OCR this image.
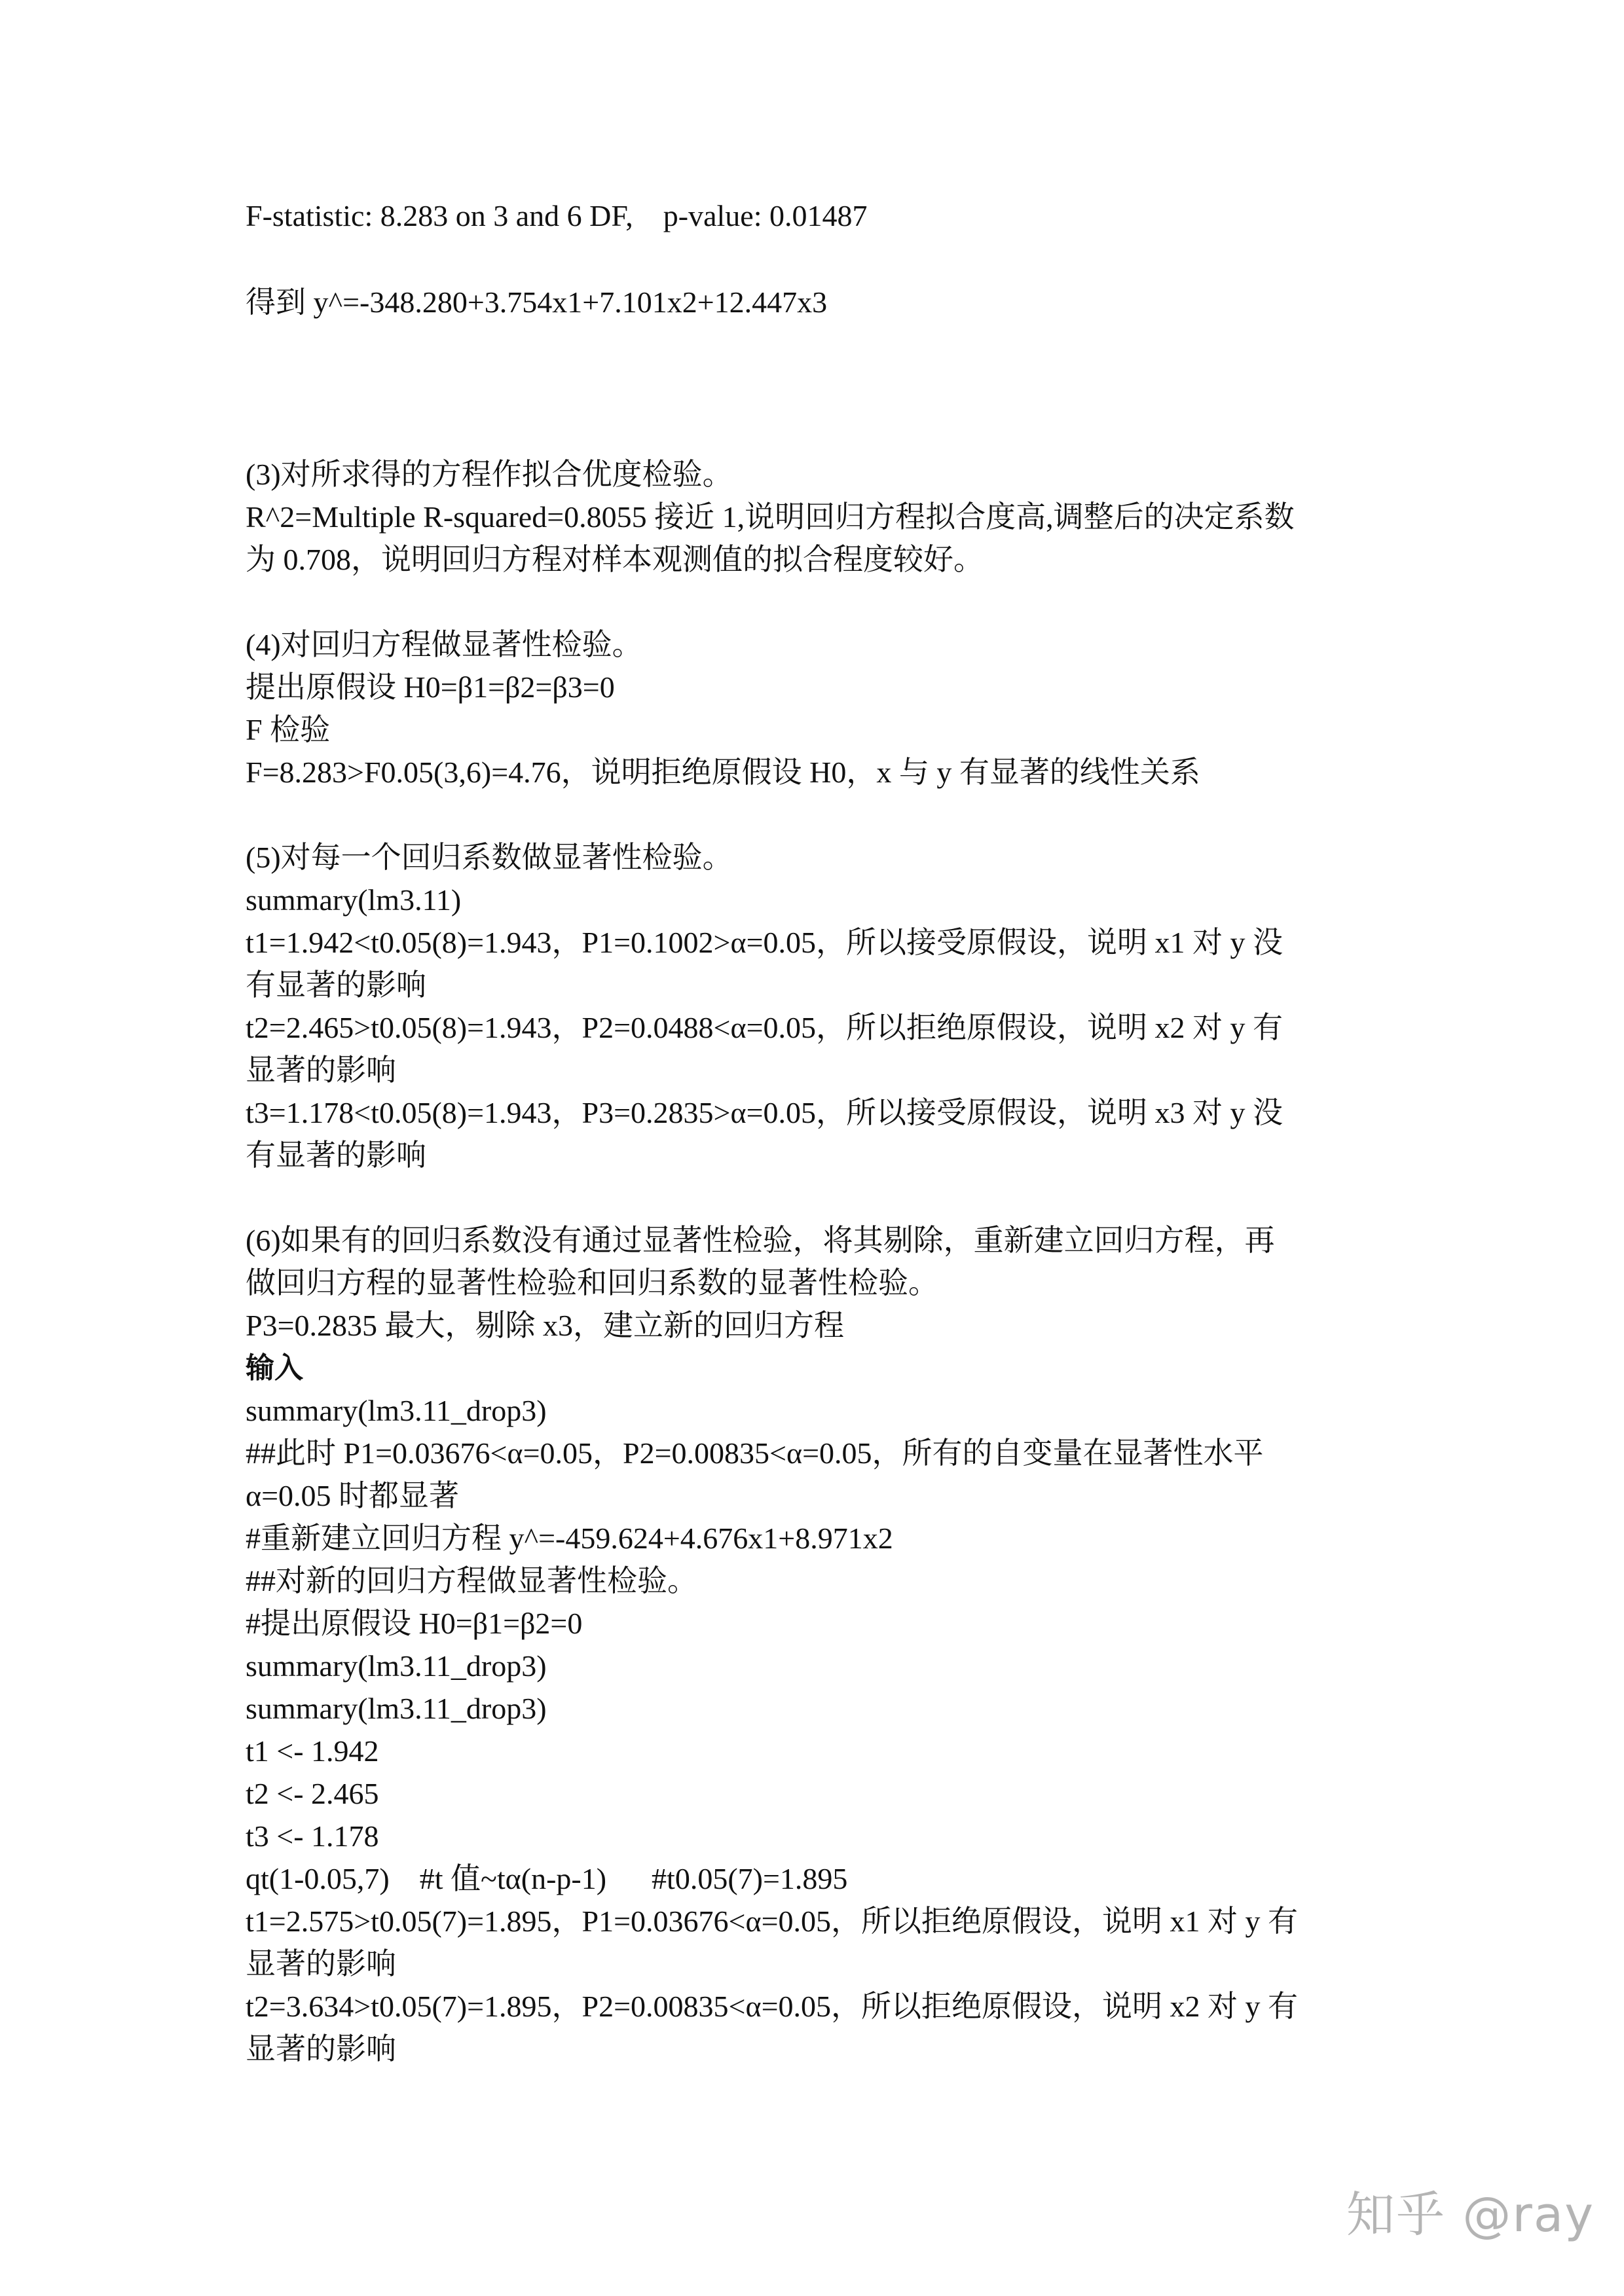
F-statistic: 8.283 on 3 and 6 DF,    p-value: 0.01487
得到 y^=-348.280+3.754x1+7.101x2+12.447x3
(3)对所求得的方程作拟合优度检验。
R^2=Multiple R-squared=0.8055 接近 1,说明回归方程拟合度高,调整后的决定系数
为 0.708，说明回归方程对样本观测值的拟合程度较好。
(4)对回归方程做显著性检验。
提出原假设 H0=β1=β2=β3=0
F 检验
F=8.283>F0.05(3,6)=4.76，说明拒绝原假设 H0，x 与 y 有显著的线性关系
(5)对每一个回归系数做显著性检验。
summary(lm3.11)
t1=1.942<t0.05(8)=1.943，P1=0.1002>α=0.05，所以接受原假设，说明 x1 对 y 没
有显著的影响
t2=2.465>t0.05(8)=1.943，P2=0.0488<α=0.05，所以拒绝原假设，说明 x2 对 y 有
显著的影响
t3=1.178<t0.05(8)=1.943，P3=0.2835>α=0.05，所以接受原假设，说明 x3 对 y 没
有显著的影响
(6)如果有的回归系数没有通过显著性检验，将其剔除，重新建立回归方程，再
做回归方程的显著性检验和回归系数的显著性检验。
P3=0.2835 最大，剔除 x3，建立新的回归方程
输入
summary(lm3.11_drop3)
##此时 P1=0.03676<α=0.05，P2=0.00835<α=0.05，所有的自变量在显著性水平
α=0.05 时都显著
#重新建立回归方程 y^=-459.624+4.676x1+8.971x2
##对新的回归方程做显著性检验。
#提出原假设 H0=β1=β2=0
summary(lm3.11_drop3)
summary(lm3.11_drop3)
t1 <- 1.942
t2 <- 2.465
t3 <- 1.178
qt(1-0.05,7)    #t 值~tα(n-p-1)      #t0.05(7)=1.895
t1=2.575>t0.05(7)=1.895，P1=0.03676<α=0.05，所以拒绝原假设，说明 x1 对 y 有
显著的影响
t2=3.634>t0.05(7)=1.895，P2=0.00835<α=0.05，所以拒绝原假设，说明 x2 对 y 有
显著的影响
知乎 @ray
